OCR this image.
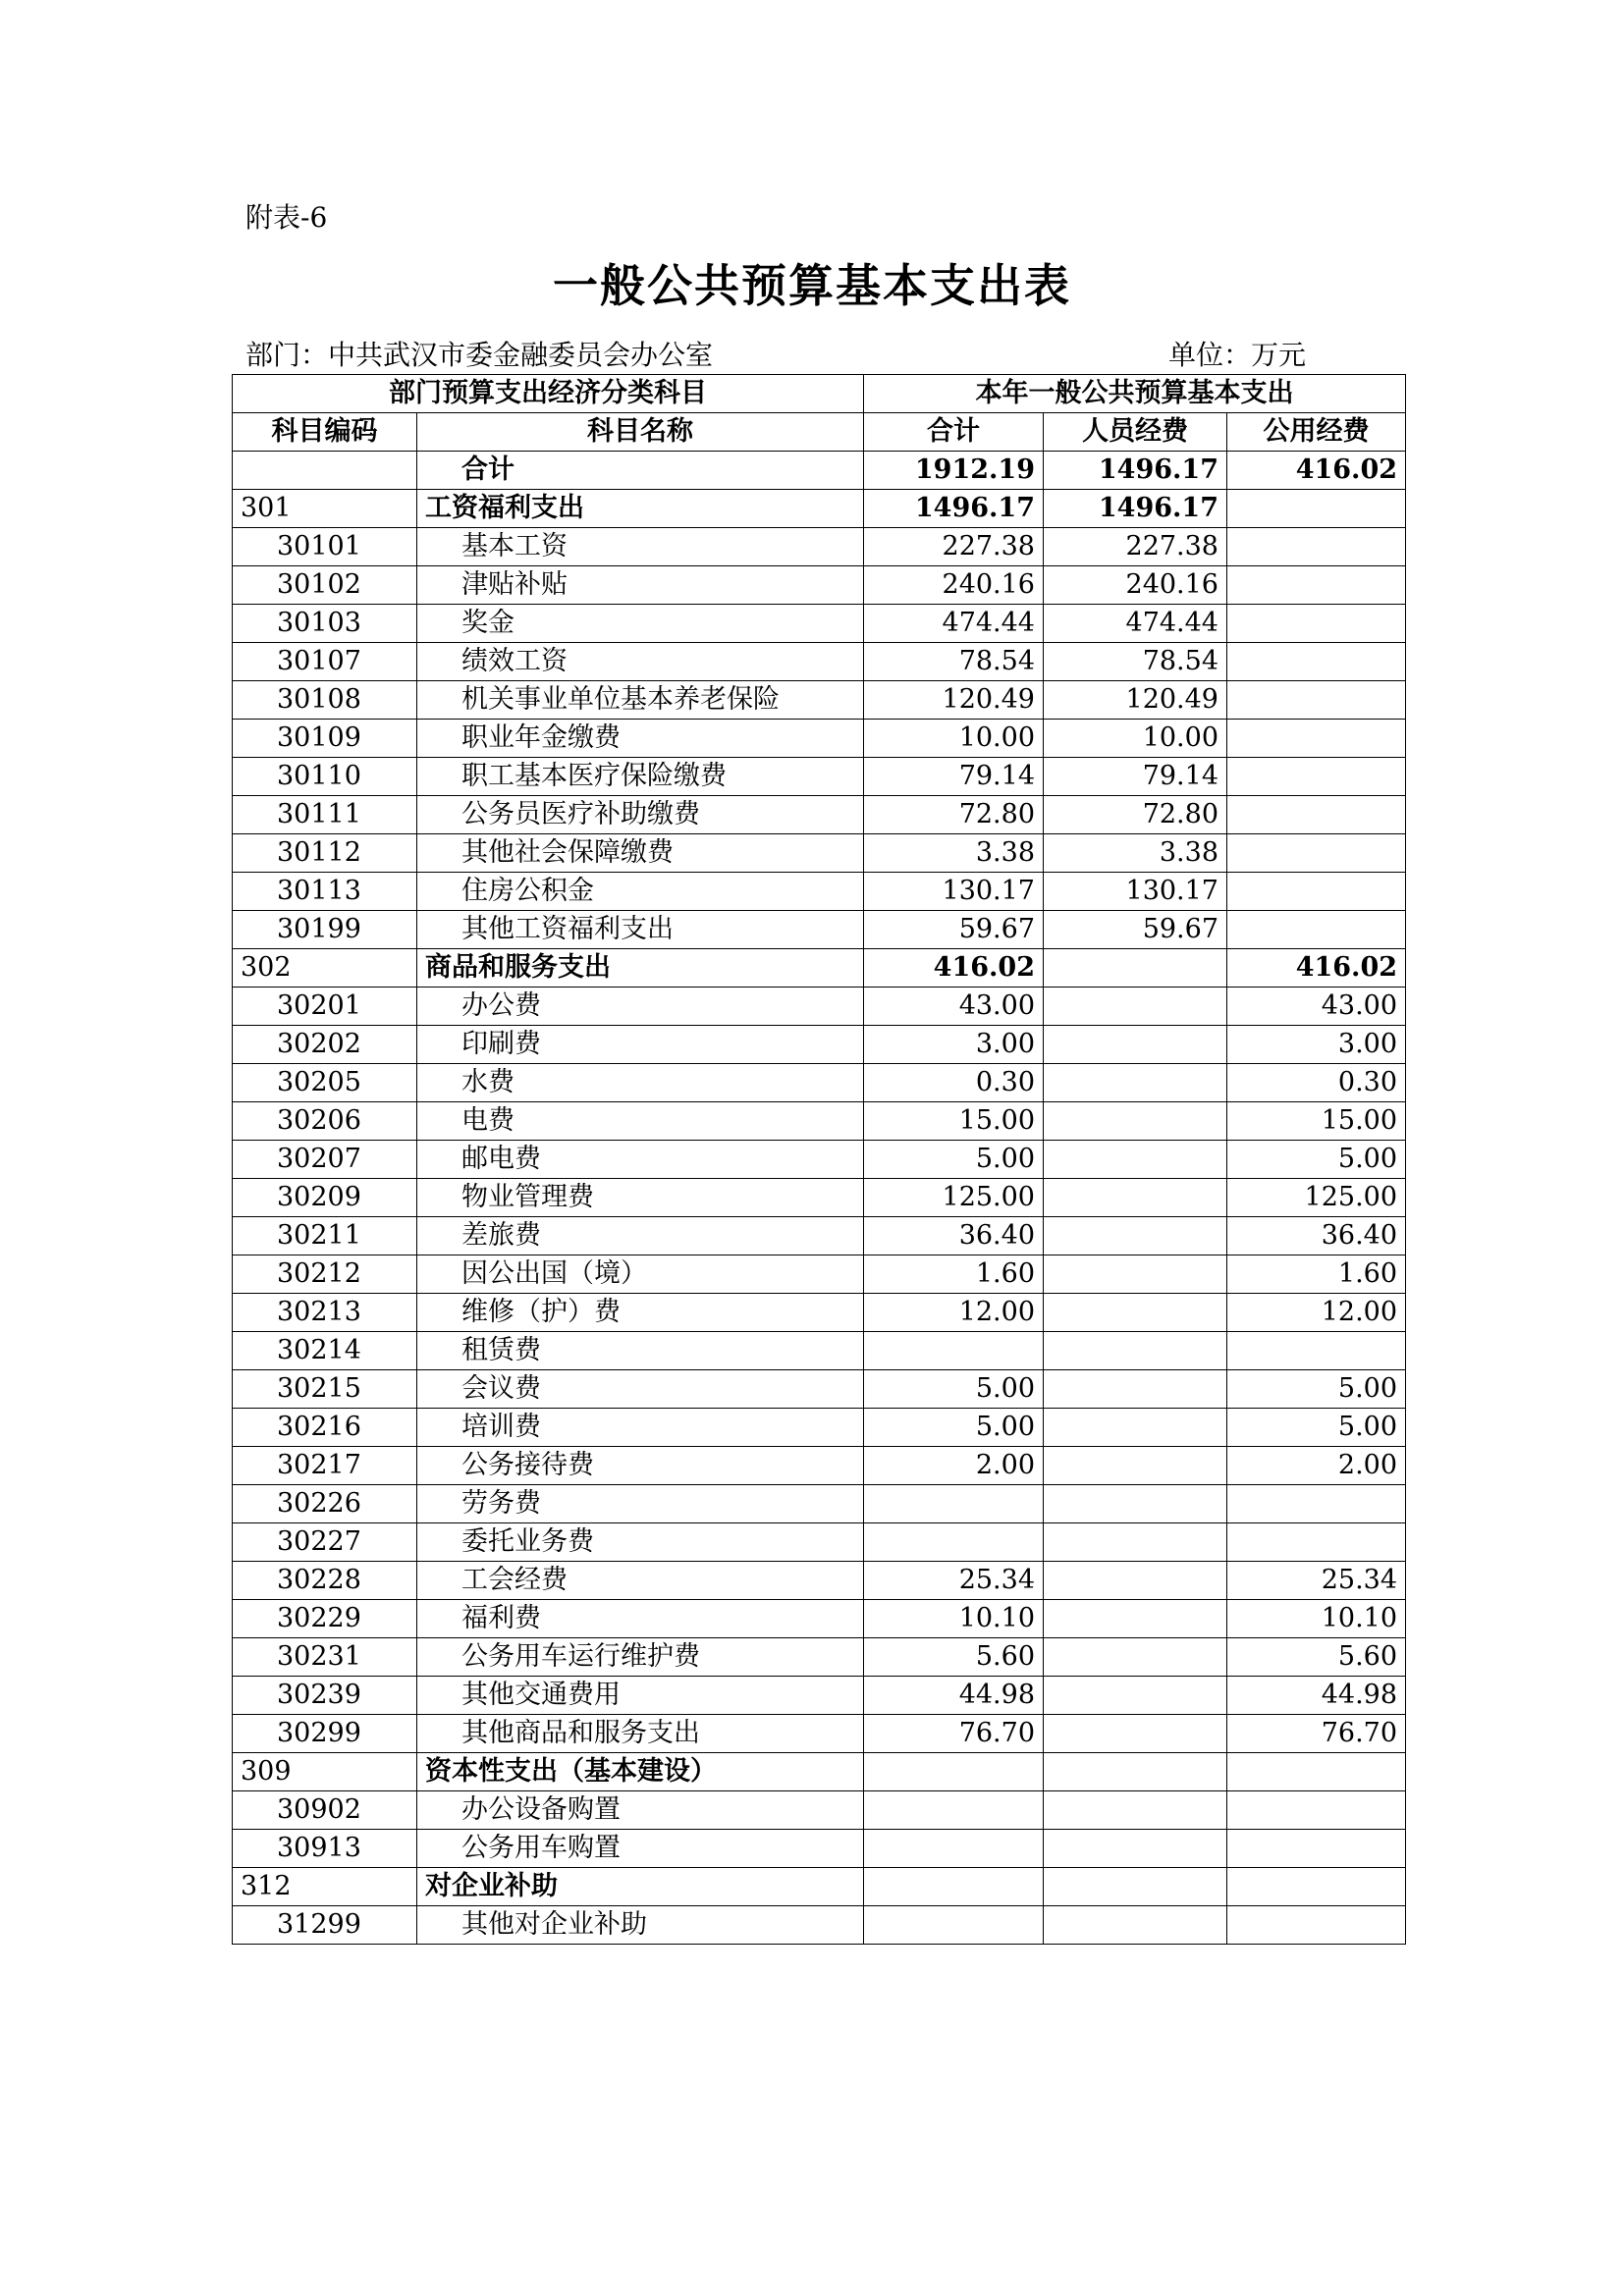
附表-6
一般公共预算基本支出表
部门：中共武汉市委金融委员会办公室	单位：万元
部门预算支出经济分类科目		本年一般公共预算基本支出		
科目编码	科目名称	合计	人员经费	公用经费
	合计	1912.19	1496.17	416.02
301	工资福利支出	1496.17	1496.17	
30101	基本工资	227.38	227.38	
30102	津贴补贴	240.16	240.16	
30103	奖金	474.44	474.44	
30107	绩效工资	78.54	78.54	
30108	机关事业单位基本养老保险	120.49	120.49	
30109	职业年金缴费	10.00	10.00	
30110	职工基本医疗保险缴费	79.14	79.14	
30111	公务员医疗补助缴费	72.80	72.80	
30112	其他社会保障缴费	3.38	3.38	
30113	住房公积金	130.17	130.17	
30199	其他工资福利支出	59.67	59.67	
302	商品和服务支出	416.02		416.02
30201	办公费	43.00		43.00
30202	印刷费	3.00		3.00
30205	水费	0.30		0.30
30206	电费	15.00		15.00
30207	邮电费	5.00		5.00
30209	物业管理费	125.00		125.00
30211	差旅费	36.40		36.40
30212	因公出国（境）	1.60		1.60
30213	维修（护）费	12.00		12.00
30214	租赁费			
30215	会议费	5.00		5.00
30216	培训费	5.00		5.00
30217	公务接待费	2.00		2.00
30226	劳务费			
30227	委托业务费			
30228	工会经费	25.34		25.34
30229	福利费	10.10		10.10
30231	公务用车运行维护费	5.60		5.60
30239	其他交通费用	44.98		44.98
30299	其他商品和服务支出	76.70		76.70
309	资本性支出（基本建设）			
30902	办公设备购置			
30913	公务用车购置			
312	对企业补助			
31299	其他对企业补助			
